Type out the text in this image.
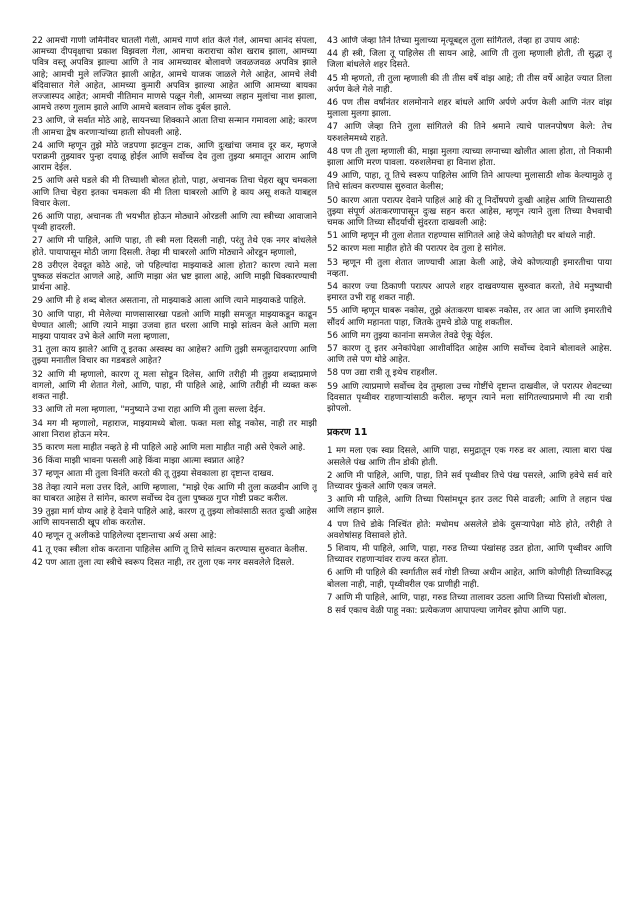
22 आमची गाणी जमिनीवर घातली गेली, आमचे गाणे शांत केले गेले, आमचा आनंद संपला, आमच्या दीपवृक्षाचा प्रकाश विझवला गेला, आमचा कराराचा कोश खराब झाला, आमच्या पवित्र वस्तू अपवित्र झाल्या आणि ते नाव आमच्यावर बोलावणे जवळजवळ अपवित्र झाले आहे; आमची मुले लज्जित झाली आहेत, आमचे याजक जाळले गेले आहेत, आमचे लेवी बंदिवासात गेले आहेत, आमच्या कुमारी अपवित्र झाल्या आहेत आणि आमच्या बायका लज्जास्पद आहेत; आमची नीतिमान माणसे पळून गेली, आमच्या लहान मुलांचा नाश झाला, आमचे तरुण गुलाम झाले आणि आमचे बलवान लोक दुर्बल झाले.

23 आणि, जे सर्वात मोठे आहे, सायनच्या शिक्काने आता तिचा सन्मान गमावला आहे; कारण ती आमचा द्वेष करणाऱ्यांच्या हाती सोपवली आहे.

24 आणि म्हणून तुझे मोठे जडपणा झटकून टाक, आणि दुःखांचा जमाव दूर कर, म्हणजे पराक्रमी तुझ्यावर पुन्हा दयाळू होईल आणि सर्वोच्च देव तुला तुझ्या श्रमातून आराम आणि आराम देईल.

25 आणि असे घडले की मी तिच्याशी बोलत होतो, पाहा, अचानक तिचा चेहरा खूप चमकला आणि तिचा चेहरा इतका चमकला की मी तिला घाबरलो आणि हे काय असू शकते याबद्दल विचार केला.

26 आणि पाहा, अचानक ती भयभीत होऊन मोठ्याने ओरडली आणि त्या स्त्रीच्या आवाजाने पृथ्वी हादरली.

27 आणि मी पाहिले, आणि पाहा, ती स्त्री मला दिसली नाही, परंतु तेथे एक नगर बांधलेले होते. पायापासून मोठी जागा दिसली. तेव्हा मी घाबरलो आणि मोठ्याने ओरडून म्हणालो,

28 उरीएल देवदूत कोठे आहे, जो पहिल्यांदा माझ्याकडे आला होता? कारण त्याने मला पुष्कळ संकटांत आणले आहे, आणि माझा अंत भ्रष्ट झाला आहे, आणि माझी धिक्कारण्याची प्रार्थना आहे.

29 आणि मी हे शब्द बोलत असताना, तो माझ्याकडे आला आणि त्याने माझ्याकडे पाहिले.

30 आणि पाहा, मी मेलेल्या माणसासारखा पडलो आणि माझी समजूत माझ्याकडून काढून घेण्यात आली; आणि त्याने माझा उजवा हात धरला आणि माझे सांत्वन केले आणि मला माझ्या पायावर उभे केले आणि मला म्हणाला,

31 तुला काय झाले? आणि तू इतका अस्वस्थ का आहेस? आणि तुझी समजूतदारपणा आणि तुझ्या मनातील विचार का गडबडले आहेत?

32 आणि मी म्हणालो, कारण तू मला सोडून दिलेस, आणि तरीही मी तुझ्या शब्दाप्रमाणे वागलो, आणि मी शेतात गेलो, आणि, पाहा, मी पाहिले आहे, आणि तरीही मी व्यक्त करू शकत नाही.

33 आणि तो मला म्हणाला, "मनुष्याने उभा राहा आणि मी तुला सल्ला देईन.

34 मग मी म्हणालो, महाराज, माझ्यामध्ये बोला. फक्त मला सोडू नकोस, नाही तर माझी आशा निराश होऊन मरेन.

35 कारण मला माहीत नव्हते हे मी पाहिले आहे आणि मला माहीत नाही असे ऐकले आहे.

36 किंवा माझी भावना फसली आहे किंवा माझा आत्मा स्वप्नात आहे?

37 म्हणून आता मी तुला विनंति करतो की तू तुझ्या सेवकाला हा दृष्टान्त दाखव.

38 तेव्हा त्याने मला उत्तर दिले, आणि म्हणाला, "माझे ऐक आणि मी तुला कळवीन आणि तू का घाबरत आहेस ते सांगेन, कारण सर्वोच्च देव तुला पुष्कळ गुप्त गोष्टी प्रकट करील.

39 तुझा मार्ग योग्य आहे हे देवाने पाहिले आहे, कारण तू तुझ्या लोकांसाठी सतत दुःखी आहेस आणि सायनसाठी खूप शोक करतोस.

40 म्हणून तू अलीकडे पाहिलेल्या दृष्टान्ताचा अर्थ असा आहे:

41 तू एका स्त्रीला शोक करताना पाहिलेस आणि तू तिचे सांत्वन करण्यास सुरुवात केलीस.

42 पण आता तुला त्या स्त्रीचे स्वरूप दिसत नाही, तर तुला एक नगर वसवलेले दिसले.

43 आणि जेव्हा तिने तिच्या मुलाच्या मृत्यूबद्दल तुला सांगितले, तेव्हा हा उपाय आहे:

44 ही स्त्री, जिला तू पाहिलेस ती सायन आहे, आणि ती तुला म्हणाली होती, ती सुद्धा तू जिला बांधलेले शहर दिसते.

45 मी म्हणतो, ती तुला म्हणाली की ती तीस वर्षे वांझ आहे; ती तीस वर्षे आहेत ज्यात तिला अर्पण केले गेले नाही.

46 पण तीस वर्षांनंतर शलमोनाने शहर बांधले आणि अर्पणे अर्पण केली आणि नंतर वांझ मुलाला मुलगा झाला.

47 आणि जेव्हा तिने तुला सांगितले की तिने श्रमाने त्याचे पालनपोषण केले: तेच यरुशलेममध्ये राहते.

48 पण ती तुला म्हणाली की, माझा मुलगा त्याच्या लग्नाच्या खोलीत आला होता, तो निकामी झाला आणि मरण पावला. यरुशलेमचा हा विनाश होता.

49 आणि, पाहा, तू तिचे स्वरूप पाहिलेस आणि तिने आपल्या मुलासाठी शोक केल्यामुळे तू तिचे सांत्वन करण्यास सुरुवात केलीस;

50 कारण आता परात्पर देवाने पाहिलं आहे की तू निर्दोषपणे दुःखी आहेस आणि तिच्यासाठी तुझ्या संपूर्ण अंतःकरणापासून दुःख सहन करत आहेस, म्हणून त्याने तुला तिच्या वैभवाची चमक आणि तिच्या सौंदर्याची सुंदरता दाखवली आहे:

51 आणि म्हणून मी तुला शेतात राहण्यास सांगितले आहे जेथे कोणतेही घर बांधले नाही.

52 कारण मला माहीत होते की परात्पर देव तुला हे सांगेल.

53 म्हणून मी तुला शेतात जाण्याची आज्ञा केली आहे, जेथे कोणत्याही इमारतीचा पाया नव्हता.

54 कारण ज्या ठिकाणी परात्पर आपले शहर दाखवण्यास सुरुवात करतो, तेथे मनुष्याची इमारत उभी राहू शकत नाही.

55 आणि म्हणून घाबरू नकोस, तुझे अंतःकरण घाबरू नकोस, तर आत जा आणि इमारतीचे सौंदर्य आणि महानता पाहा, जितके तुमचे डोळे पाहू शकतील.

56 आणि मग तुझ्या कानांना समजेल तेवढे ऐकू येईल.

57 कारण तू इतर अनेकांपेक्षा आशीर्वादित आहेस आणि सर्वोच्च देवाने बोलावले आहेस. आणि तसे पण थोडे आहेत.

58 पण उद्या रात्री तू इथेच राहशील.

59 आणि त्याप्रमाणे सर्वोच्च देव तुम्हाला उच्च गोष्टींचे दृष्टान्त दाखवील, जे परात्पर शेवटच्या दिवसात पृथ्वीवर राहणाऱ्यांसाठी करील. म्हणून त्याने मला सांगितल्याप्रमाणे मी त्या रात्री झोपलो.

प्रकरण 11

1 मग मला एक स्वप्न दिसले, आणि पाहा, समुद्रातून एक गरुड वर आला, त्याला बारा पंख असलेले पंख आणि तीन डोकी होती.

2 आणि मी पाहिले, आणि, पाहा, तिने सर्व पृथ्वीवर तिचे पंख पसरले, आणि हवेचे सर्व वारे तिच्यावर फुंकले आणि एकत्र जमले.

3 आणि मी पाहिले, आणि तिच्या पिसांमधून इतर उलट पिसे वाढली; आणि ते लहान पंख आणि लहान झाले.

4 पण तिचे डोके निश्चिंत होते: मधोमध असलेले डोके दुसऱ्यापेक्षा मोठे होते, तरीही ते अवशेषांसह विसावले होते.

5 शिवाय, मी पाहिले, आणि, पाहा, गरुड तिच्या पंखांसह उडत होता, आणि पृथ्वीवर आणि तिच्यावर राहणाऱ्यांवर राज्य करत होता.

6 आणि मी पाहिले की स्वर्गातील सर्व गोष्टी तिच्या अधीन आहेत, आणि कोणीही तिच्याविरुद्ध बोलला नाही, नाही, पृथ्वीवरील एक प्राणीही नाही.

7 आणि मी पाहिले, आणि, पाहा, गरुड तिच्या तालावर उठला आणि तिच्या पिसांशी बोलला,

8 सर्व एकाच वेळी पाहू नका: प्रत्येकजण आपापल्या जागेवर झोपा आणि पहा.
